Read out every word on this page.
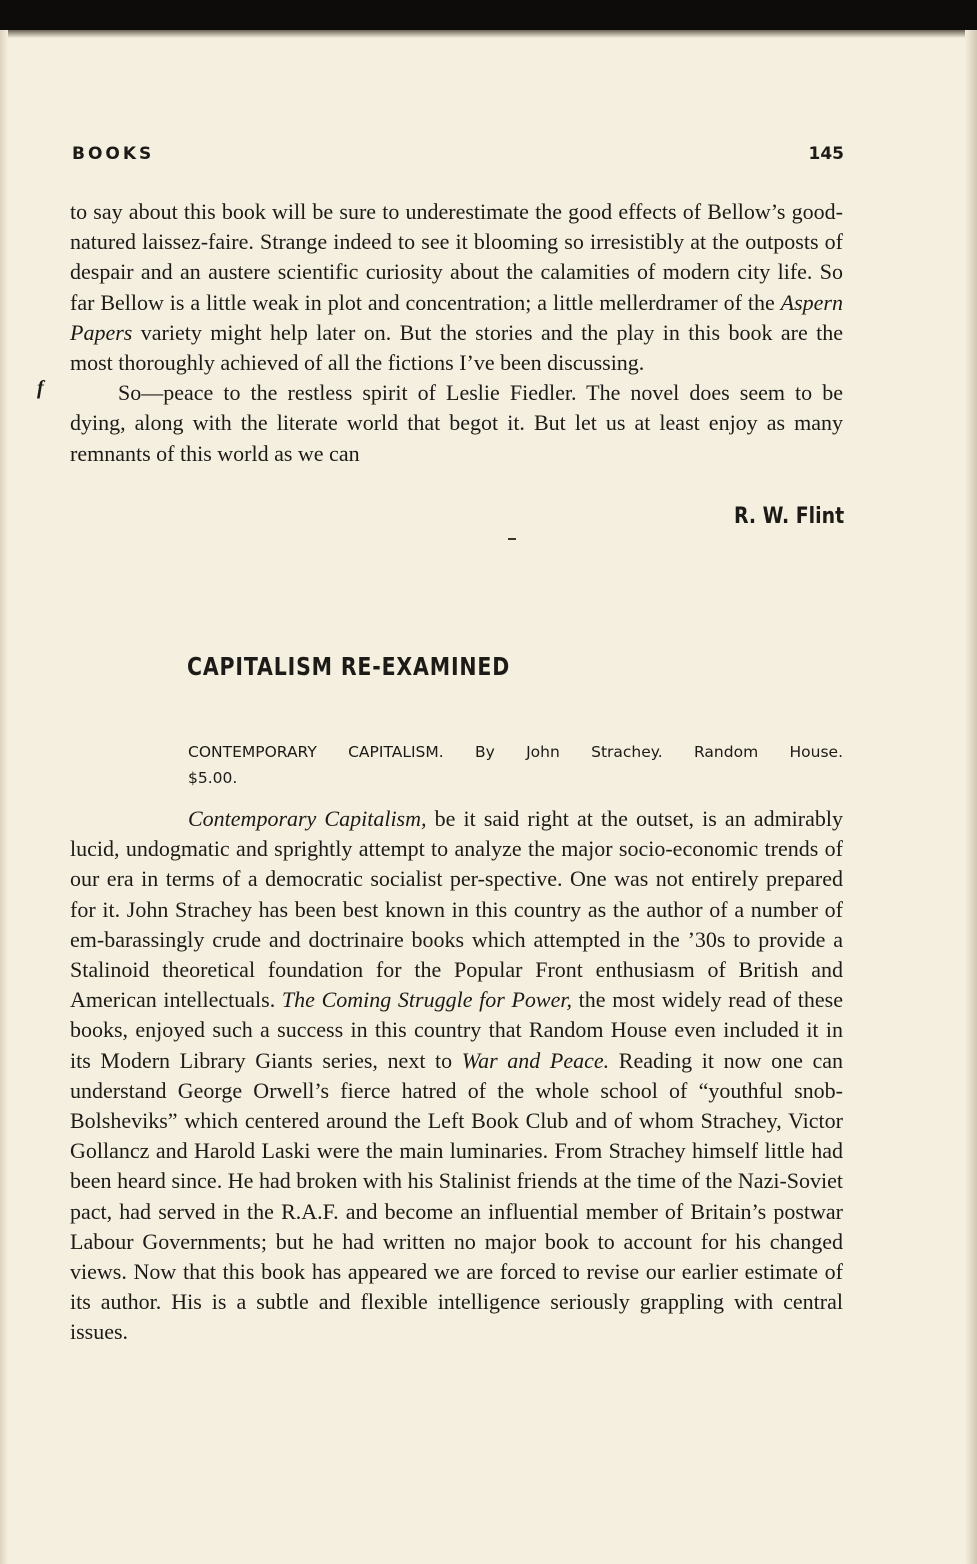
BOOKS	145
f

to say about this book will be sure to underestimate the good effects of Bellow’s good-natured laissez-faire. Strange indeed to see it blooming so irresistibly at the outposts of despair and an austere scientific curiosity about the calamities of modern city life. So far Bellow is a little weak in plot and concentration; a little mellerdramer of the Aspern Papers variety might help later on. But the stories and the play in this book are the most thoroughly achieved of all the fictions I’ve been discussing.

So—peace to the restless spirit of Leslie Fiedler. The novel does seem to be dying, along with the literate world that begot it. But let us at least enjoy as many remnants of this world as we can

R. W. Flint
CAPITALISM RE-EXAMINED
CONTEMPORARY CAPITALISM. By John Strachey. Random House.
$5.00.

Contemporary Capitalism, be it said right at the outset, is an admirably lucid, undogmatic and sprightly attempt to analyze the major socio-economic trends of our era in terms of a democratic socialist per-spective. One was not entirely prepared for it. John Strachey has been best known in this country as the author of a number of em-barassingly crude and doctrinaire books which attempted in the ’30s to provide a Stalinoid theoretical foundation for the Popular Front enthusiasm of British and American intellectuals. The Coming Struggle for Power, the most widely read of these books, enjoyed such a success in this country that Random House even included it in its Modern Library Giants series, next to War and Peace. Reading it now one can understand George Orwell’s fierce hatred of the whole school of “youthful snob-Bolsheviks” which centered around the Left Book Club and of whom Strachey, Victor Gollancz and Harold Laski were the main luminaries. From Strachey himself little had been heard since. He had broken with his Stalinist friends at the time of the Nazi-Soviet pact, had served in the R.A.F. and become an influential member of Britain’s postwar Labour Governments; but he had written no major book to account for his changed views. Now that this book has appeared we are forced to revise our earlier estimate of its author. His is a subtle and flexible intelligence seriously grappling with central issues.
